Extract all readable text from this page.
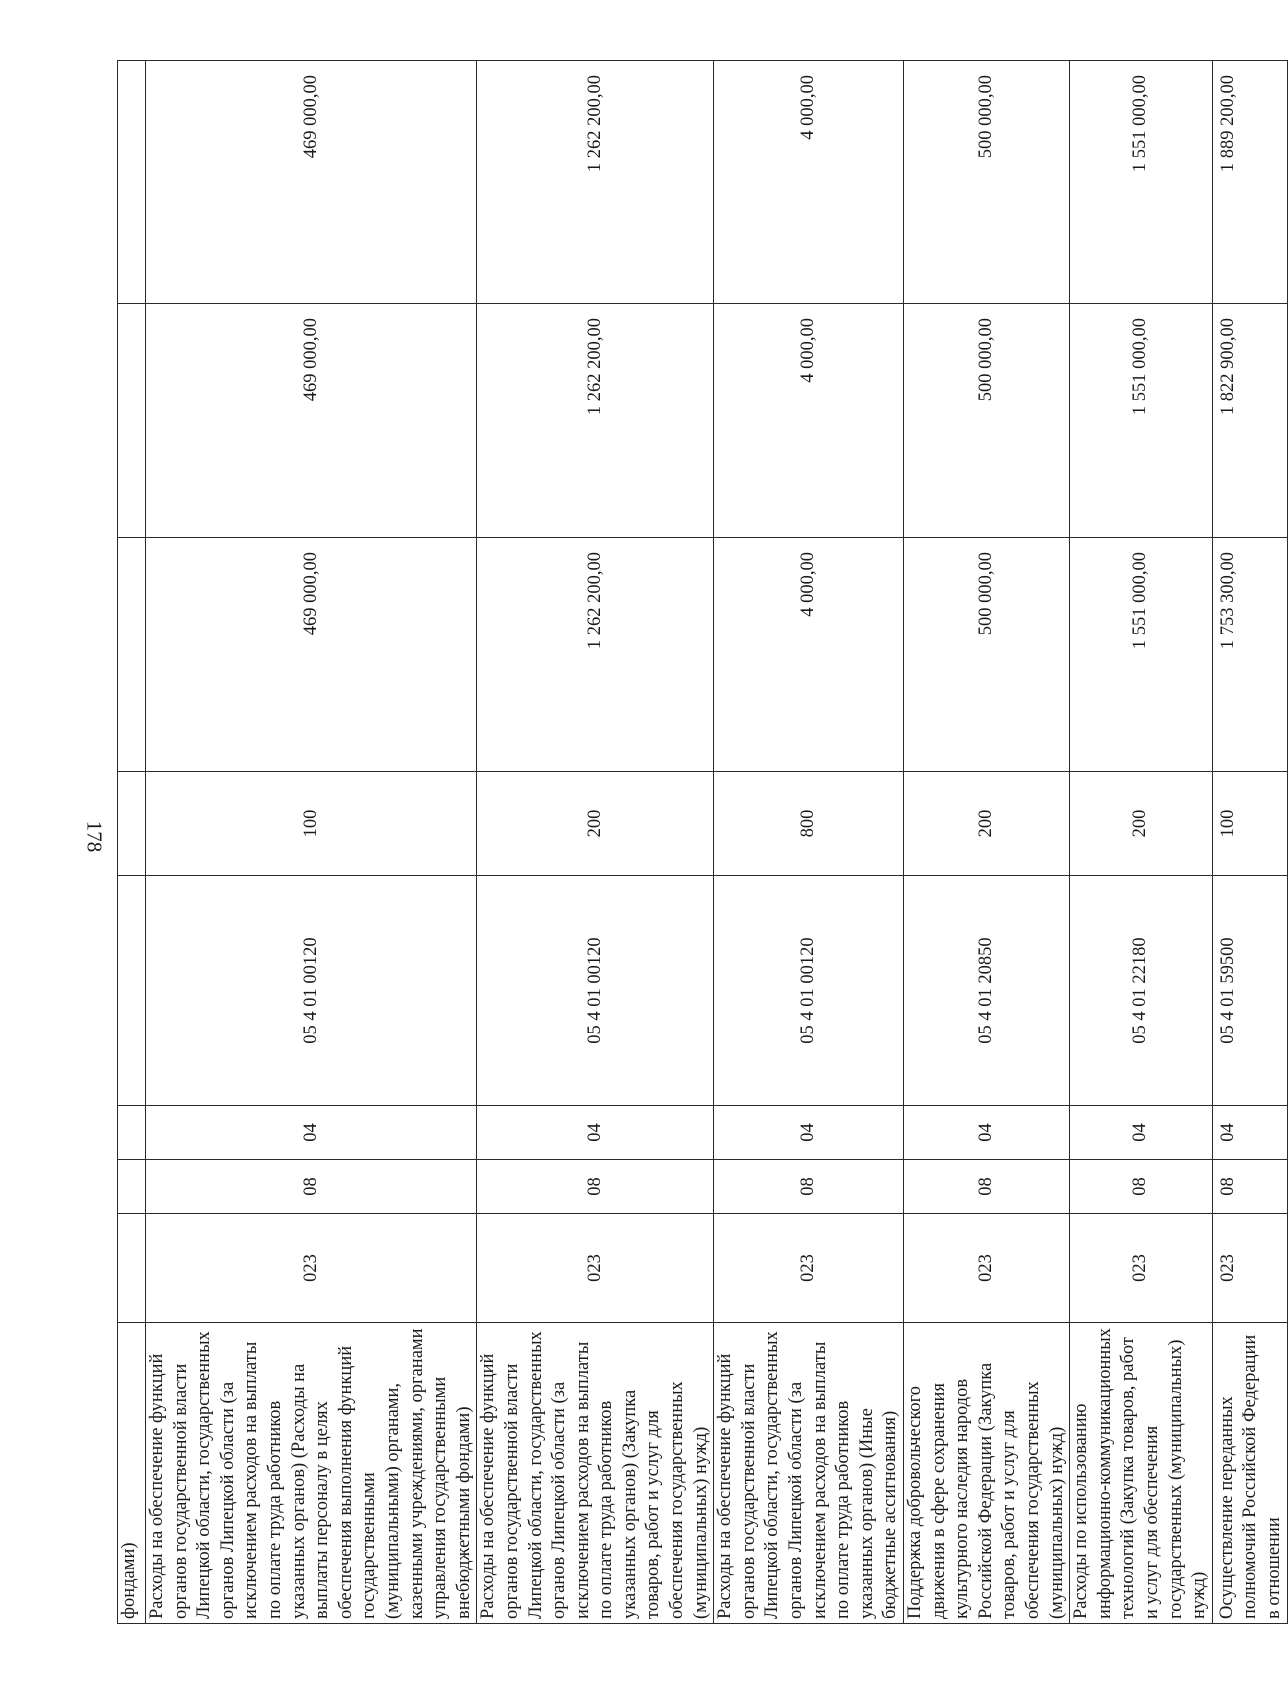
178
фондами)								
Расходы на обеспечение функций органов государственной власти Липецкой области, государственных органов Липецкой области (за исключением расходов на выплаты по оплате труда работников указанных органов) (Расходы на выплаты персоналу в целях обеспечения выполнения функций государственными (муниципальными) органами, казенными учреждениями, органами управления государственными внебюджетными фондами)	023	08	04	05 4 01 00120	100	469 000,00	469 000,00	469 000,00
Расходы на обеспечение функций органов государственной власти Липецкой области, государственных органов Липецкой области (за исключением расходов на выплаты по оплате труда работников указанных органов) (Закупка товаров, работ и услуг для обеспечения государственных (муниципальных) нужд)	023	08	04	05 4 01 00120	200	1 262 200,00	1 262 200,00	1 262 200,00
Расходы на обеспечение функций органов государственной власти Липецкой области, государственных органов Липецкой области (за исключением расходов на выплаты по оплате труда работников указанных органов) (Иные бюджетные ассигнования)	023	08	04	05 4 01 00120	800	4 000,00	4 000,00	4 000,00
Поддержка добровольческого движения в сфере сохранения культурного наследия народов Российской Федерации (Закупка товаров, работ и услуг для обеспечения государственных (муниципальных) нужд)	023	08	04	05 4 01 20850	200	500 000,00	500 000,00	500 000,00
Расходы по использованию информационно-коммуникационных технологий (Закупка товаров, работ и услуг для обеспечения государственных (муниципальных) нужд)	023	08	04	05 4 01 22180	200	1 551 000,00	1 551 000,00	1 551 000,00
Осуществление переданных полномочий Российской Федерации в отношении	023	08	04	05 4 01 59500	100	1 753 300,00	1 822 900,00	1 889 200,00
